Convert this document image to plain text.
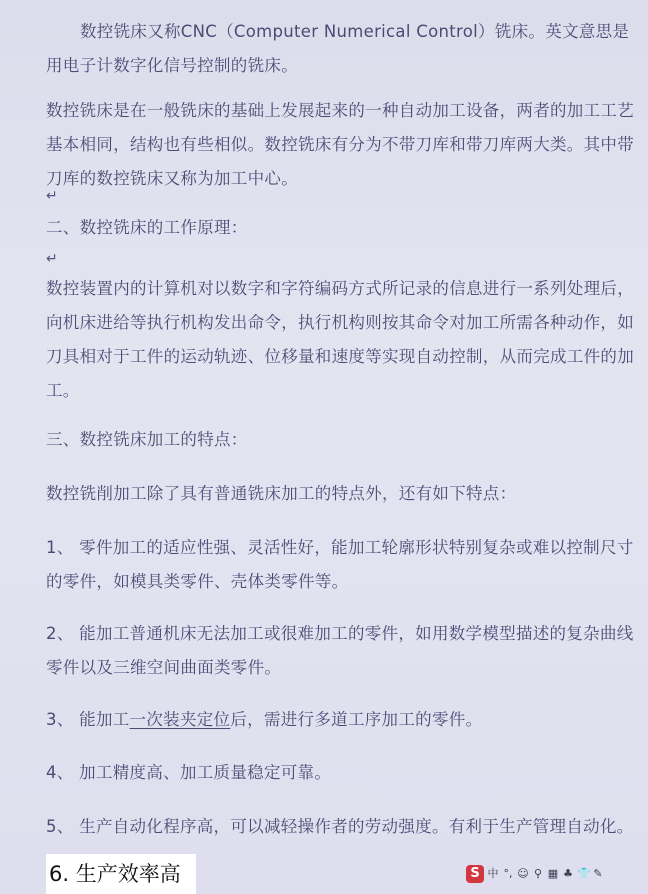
数控铣床又称CNC（Computer Numerical Control）铣床。英文意思是用电子计数字化信号控制的铣床。

数控铣床是在一般铣床的基础上发展起来的一种自动加工设备，两者的加工工艺基本相同，结构也有些相似。数控铣床有分为不带刀库和带刀库两大类。其中带刀库的数控铣床又称为加工中心。

↵

二、数控铣床的工作原理：

↵

数控装置内的计算机对以数字和字符编码方式所记录的信息进行一系列处理后，向机床进给等执行机构发出命令，执行机构则按其命令对加工所需各种动作，如刀具相对于工件的运动轨迹、位移量和速度等实现自动控制，从而完成工件的加工。

三、数控铣床加工的特点：

数控铣削加工除了具有普通铣床加工的特点外，还有如下特点：

1、 零件加工的适应性强、灵活性好，能加工轮廓形状特别复杂或难以控制尺寸的零件，如模具类零件、壳体类零件等。

2、 能加工普通机床无法加工或很难加工的零件，如用数学模型描述的复杂曲线零件以及三维空间曲面类零件。

3、 能加工一次装夹定位后，需进行多道工序加工的零件。

4、 加工精度高、加工质量稳定可靠。

5、 生产自动化程序高，可以减轻操作者的劳动强度。有利于生产管理自动化。

6. 生产效率高	S 中 °, ☺ ⚲ ▦ ♣ 👕 ✎
